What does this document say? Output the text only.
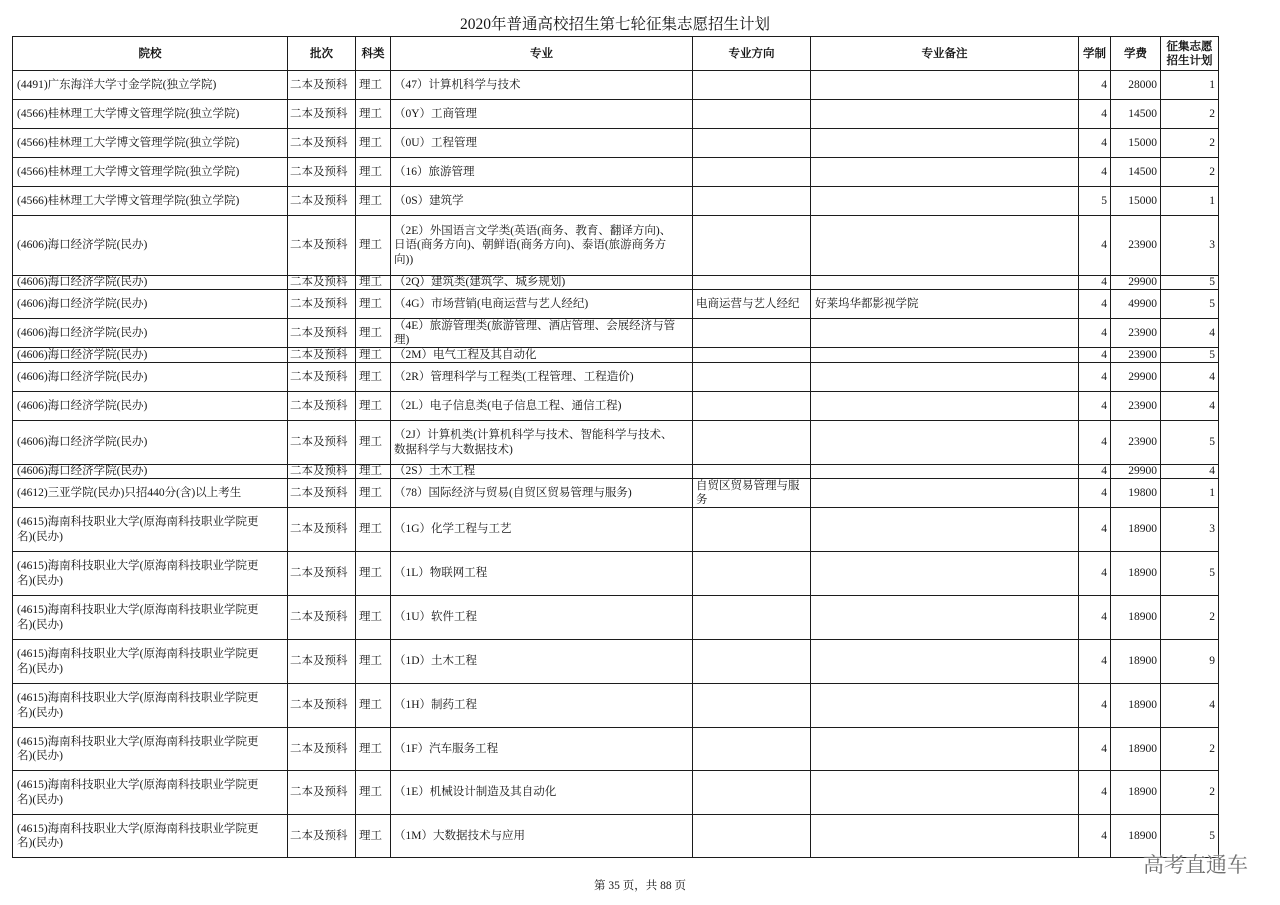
2020年普通高校招生第七轮征集志愿招生计划
院校	批次	科类	专业	专业方向	专业备注	学制	学费	征集志愿招生计划

(4491)广东海洋大学寸金学院(独立学院)	二本及预科	理工	（47）计算机科学与技术			4	28000	1

(4566)桂林理工大学博文管理学院(独立学院)	二本及预科	理工	（0Y）工商管理			4	14500	2

(4566)桂林理工大学博文管理学院(独立学院)	二本及预科	理工	（0U）工程管理			4	15000	2

(4566)桂林理工大学博文管理学院(独立学院)	二本及预科	理工	（16）旅游管理			4	14500	2

(4566)桂林理工大学博文管理学院(独立学院)	二本及预科	理工	（0S）建筑学			5	15000	1

(4606)海口经济学院(民办)	二本及预科	理工	（2E）外国语言文学类(英语(商务、教育、翻译方向)、日语(商务方向)、朝鲜语(商务方向)、泰语(旅游商务方向))			4	23900	3

(4606)海口经济学院(民办)	二本及预科	理工	（2Q）建筑类(建筑学、城乡规划)			4	29900	5

(4606)海口经济学院(民办)	二本及预科	理工	（4G）市场营销(电商运营与艺人经纪)	电商运营与艺人经纪	好莱坞华都影视学院	4	49900	5

(4606)海口经济学院(民办)	二本及预科	理工	（4E）旅游管理类(旅游管理、酒店管理、会展经济与管理)			4	23900	4

(4606)海口经济学院(民办)	二本及预科	理工	（2M）电气工程及其自动化			4	23900	5

(4606)海口经济学院(民办)	二本及预科	理工	（2R）管理科学与工程类(工程管理、工程造价)			4	29900	4

(4606)海口经济学院(民办)	二本及预科	理工	（2L）电子信息类(电子信息工程、通信工程)			4	23900	4

(4606)海口经济学院(民办)	二本及预科	理工	（2J）计算机类(计算机科学与技术、智能科学与技术、数据科学与大数据技术)			4	23900	5

(4606)海口经济学院(民办)	二本及预科	理工	（2S）土木工程			4	29900	4

(4612)三亚学院(民办)只招440分(含)以上考生	二本及预科	理工	（78）国际经济与贸易(自贸区贸易管理与服务)	自贸区贸易管理与服务		4	19800	1

(4615)海南科技职业大学(原海南科技职业学院更名)(民办)	二本及预科	理工	（1G）化学工程与工艺			4	18900	3

(4615)海南科技职业大学(原海南科技职业学院更名)(民办)	二本及预科	理工	（1L）物联网工程			4	18900	5

(4615)海南科技职业大学(原海南科技职业学院更名)(民办)	二本及预科	理工	（1U）软件工程			4	18900	2

(4615)海南科技职业大学(原海南科技职业学院更名)(民办)	二本及预科	理工	（1D）土木工程			4	18900	9

(4615)海南科技职业大学(原海南科技职业学院更名)(民办)	二本及预科	理工	（1H）制药工程			4	18900	4

(4615)海南科技职业大学(原海南科技职业学院更名)(民办)	二本及预科	理工	（1F）汽车服务工程			4	18900	2

(4615)海南科技职业大学(原海南科技职业学院更名)(民办)	二本及预科	理工	（1E）机械设计制造及其自动化			4	18900	2

(4615)海南科技职业大学(原海南科技职业学院更名)(民办)	二本及预科	理工	（1M）大数据技术与应用			4	18900	5
第 35 页，共 88 页
高考直通车
